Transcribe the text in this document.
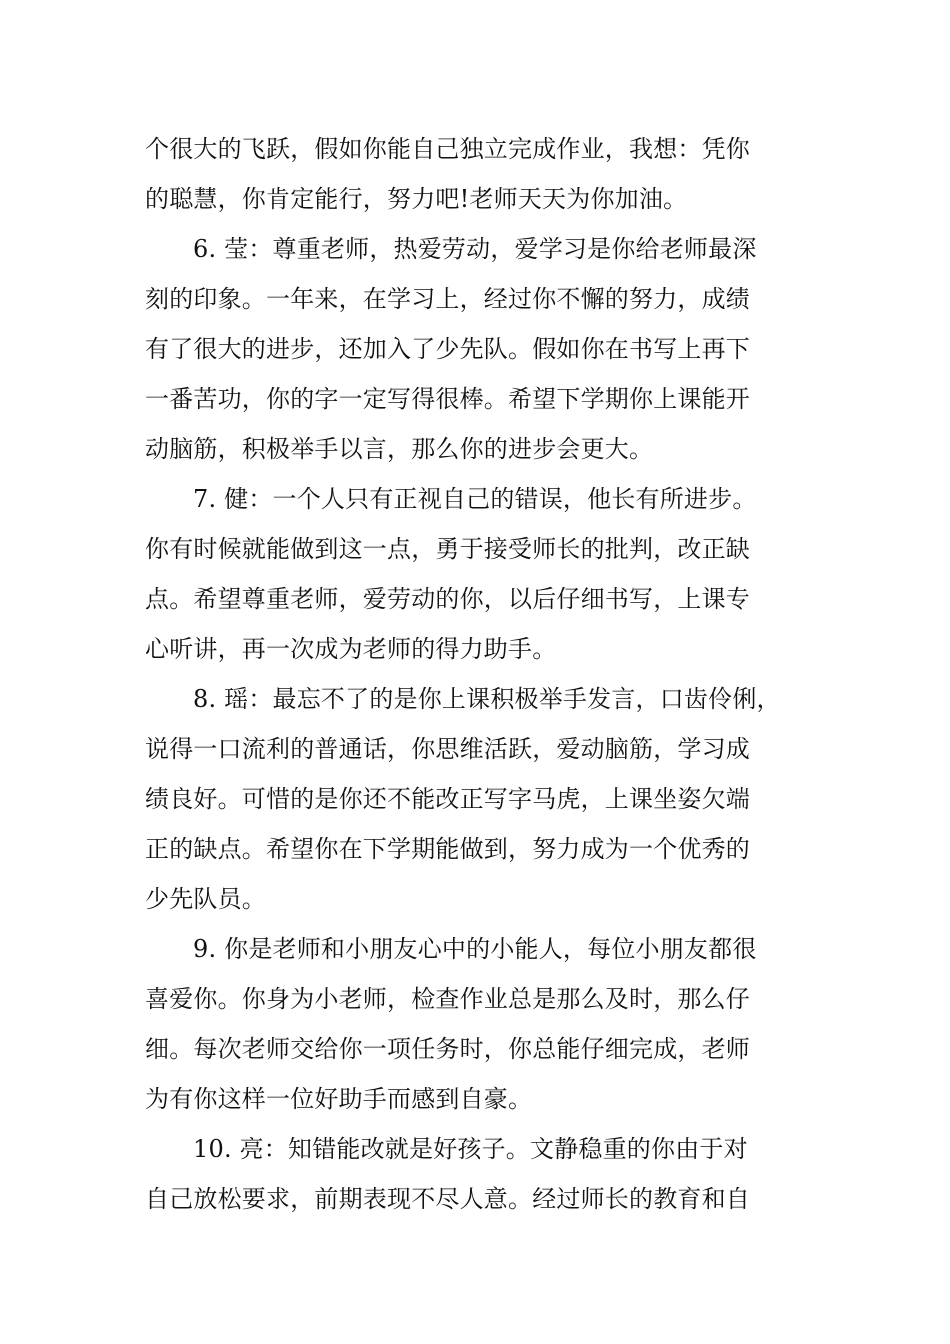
个很大的飞跃，假如你能自己独立完成作业，我想：凭你
的聪慧，你肯定能行，努力吧!老师天天为你加油。
6. 莹：尊重老师，热爱劳动，爱学习是你给老师最深
刻的印象。一年来，在学习上，经过你不懈的努力，成绩
有了很大的进步，还加入了少先队。假如你在书写上再下
一番苦功，你的字一定写得很棒。希望下学期你上课能开
动脑筋，积极举手以言，那么你的进步会更大。
7. 健：一个人只有正视自己的错误，他长有所进步。
你有时候就能做到这一点，勇于接受师长的批判，改正缺
点。希望尊重老师，爱劳动的你，以后仔细书写，上课专
心听讲，再一次成为老师的得力助手。
8. 瑶：最忘不了的是你上课积极举手发言，口齿伶俐，
说得一口流利的普通话，你思维活跃，爱动脑筋，学习成
绩良好。可惜的是你还不能改正写字马虎，上课坐姿欠端
正的缺点。希望你在下学期能做到，努力成为一个优秀的
少先队员。
9. 你是老师和小朋友心中的小能人，每位小朋友都很
喜爱你。你身为小老师，检查作业总是那么及时，那么仔
细。每次老师交给你一项任务时，你总能仔细完成，老师
为有你这样一位好助手而感到自豪。
10. 亮：知错能改就是好孩子。文静稳重的你由于对
自己放松要求，前期表现不尽人意。经过师长的教育和自
